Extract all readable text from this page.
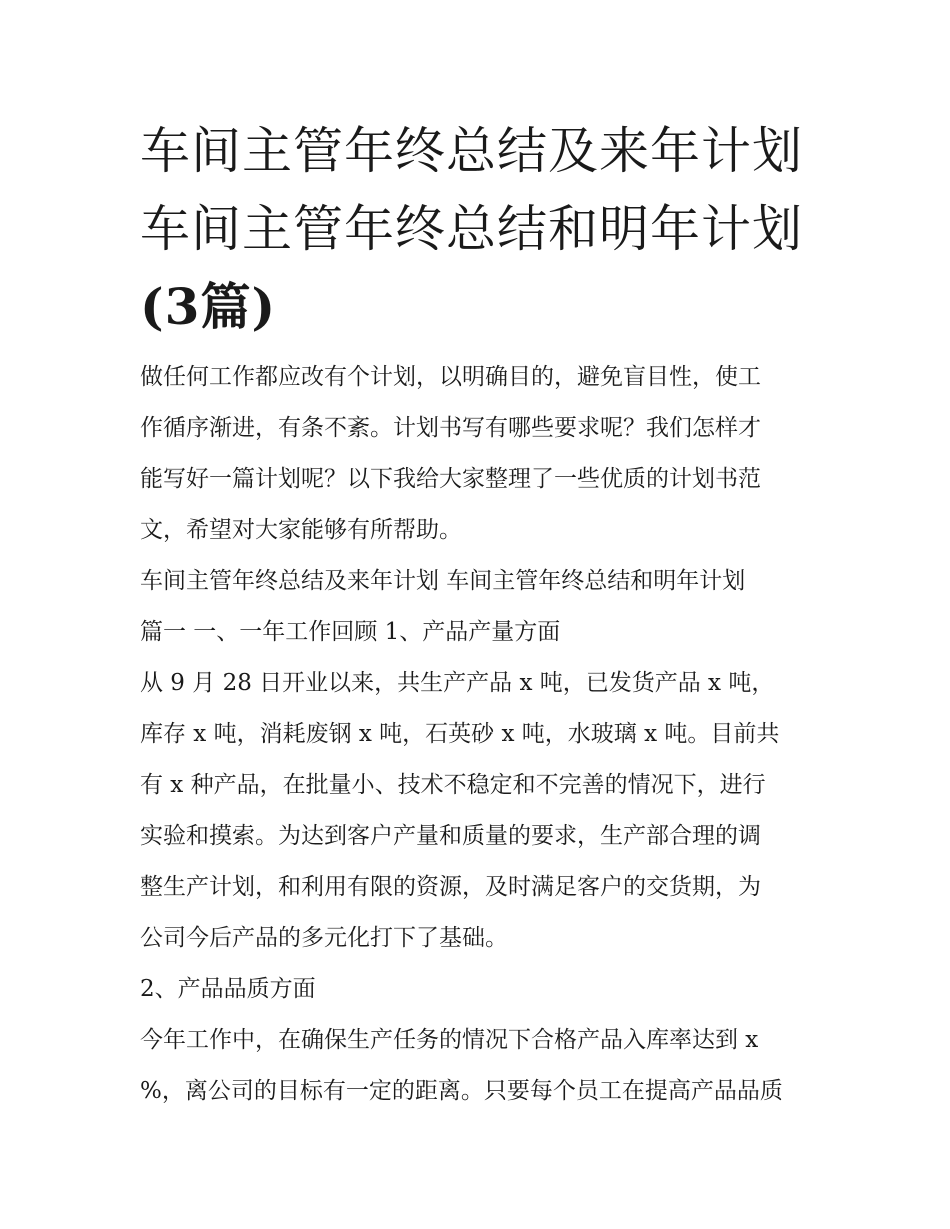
车间主管年终总结及来年计划
车间主管年终总结和明年计划
(3篇)

做任何工作都应改有个计划，以明确目的，避免盲目性，使工
作循序渐进，有条不紊。计划书写有哪些要求呢？我们怎样才
能写好一篇计划呢？以下我给大家整理了一些优质的计划书范
文，希望对大家能够有所帮助。

车间主管年终总结及来年计划 车间主管年终总结和明年计划

篇一 一、一年工作回顾 1、产品产量方面

从 9 月 28 日开业以来，共生产产品 x 吨，已发货产品 x 吨，
库存 x 吨，消耗废钢 x 吨，石英砂 x 吨，水玻璃 x 吨。目前共
有 x 种产品，在批量小、技术不稳定和不完善的情况下，进行
实验和摸索。为达到客户产量和质量的要求，生产部合理的调
整生产计划，和利用有限的资源，及时满足客户的交货期，为
公司今后产品的多元化打下了基础。

2、产品品质方面

今年工作中，在确保生产任务的情况下合格产品入库率达到 x
%，离公司的目标有一定的距离。只要每个员工在提高产品品质
